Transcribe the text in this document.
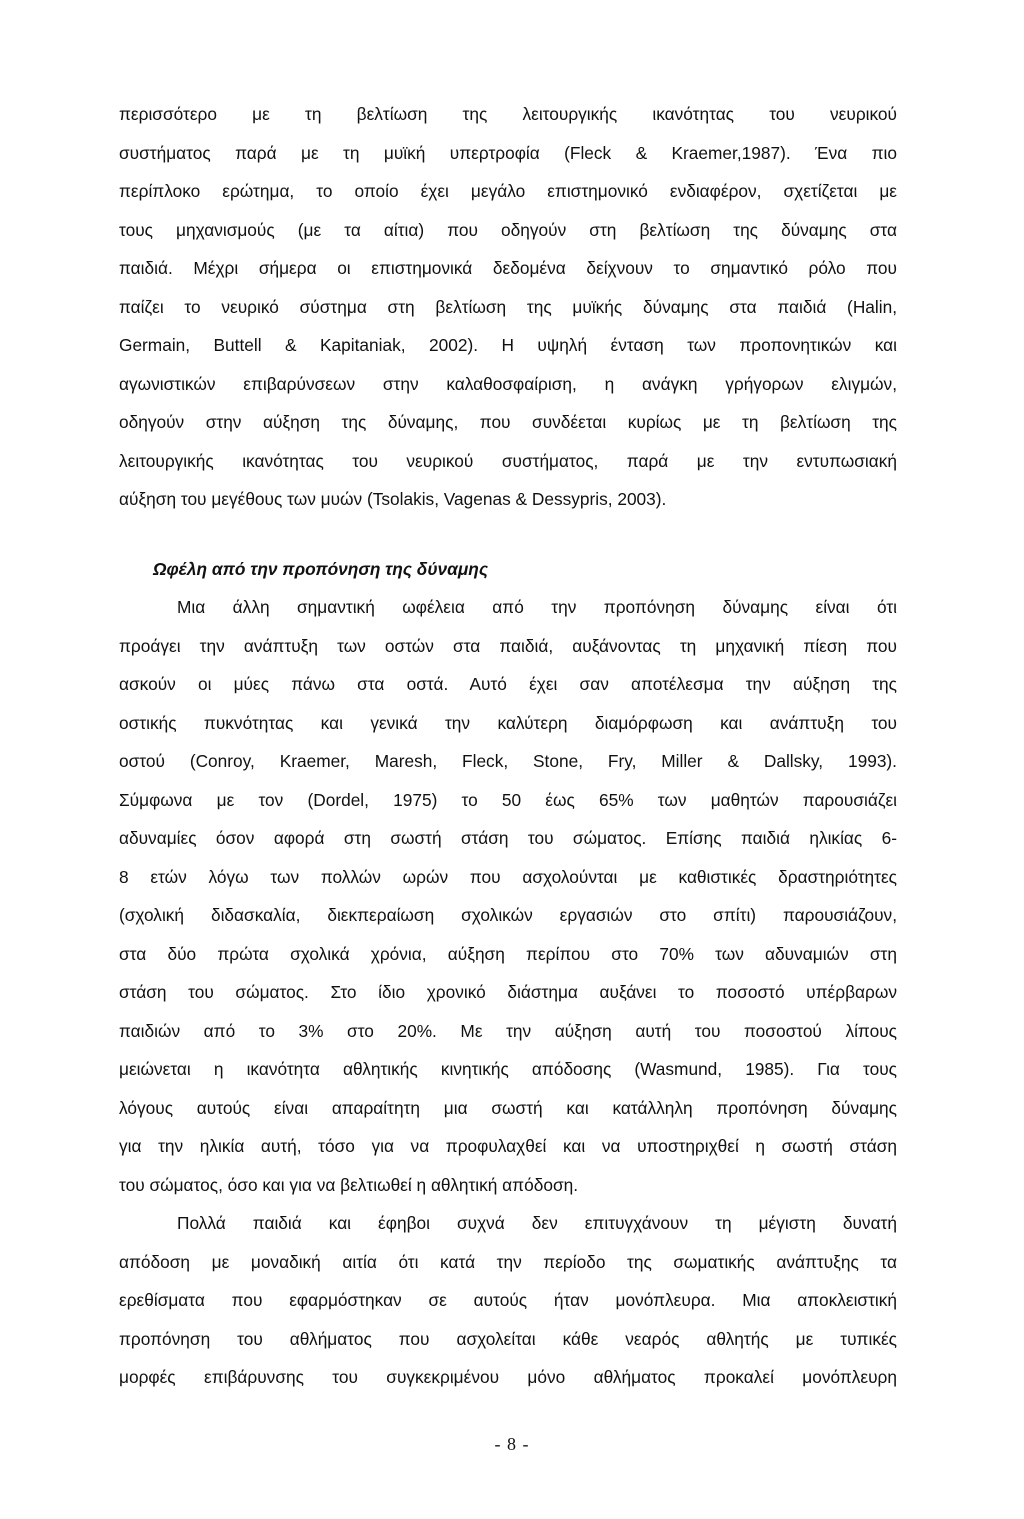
περισσότερο με τη βελτίωση της λειτουργικής ικανότητας του νευρικού
συστήματος παρά με τη μυϊκή υπερτροφία (Fleck & Kraemer,1987). Ένα πιο
περίπλοκο ερώτημα, το οποίο έχει μεγάλο επιστημονικό ενδιαφέρον, σχετίζεται με
τους μηχανισμούς (με τα αίτια) που οδηγούν στη βελτίωση της δύναμης στα
παιδιά. Μέχρι σήμερα οι επιστημονικά δεδομένα δείχνουν το σημαντικό ρόλο που
παίζει το νευρικό σύστημα στη βελτίωση της μυϊκής δύναμης στα παιδιά (Halin,
Germain, Buttell & Kapitaniak, 2002). Η υψηλή ένταση των προπονητικών και
αγωνιστικών επιβαρύνσεων στην καλαθοσφαίριση, η ανάγκη γρήγορων ελιγμών,
οδηγούν στην αύξηση της δύναμης, που συνδέεται κυρίως με τη βελτίωση της
λειτουργικής ικανότητας του νευρικού συστήματος, παρά με την εντυπωσιακή
αύξηση του μεγέθους των μυών (Tsolakis, Vagenas & Dessypris, 2003).
Ωφέλη από την προπόνηση της δύναμης
Μια άλλη σημαντική ωφέλεια από την προπόνηση δύναμης είναι ότι
προάγει την ανάπτυξη των οστών στα παιδιά, αυξάνοντας τη μηχανική πίεση που
ασκούν οι μύες πάνω στα οστά. Αυτό έχει σαν αποτέλεσμα την αύξηση της
οστικής πυκνότητας και γενικά την καλύτερη διαμόρφωση και ανάπτυξη του
οστού (Conroy, Kraemer, Maresh, Fleck, Stone, Fry, Miller & Dallsky, 1993).
Σύμφωνα με τον (Dordel, 1975) το 50 έως 65% των μαθητών παρουσιάζει
αδυναμίες όσον αφορά στη σωστή στάση του σώματος. Επίσης παιδιά ηλικίας 6-
8 ετών λόγω των πολλών ωρών που ασχολούνται με καθιστικές δραστηριότητες
(σχολική διδασκαλία, διεκπεραίωση σχολικών εργασιών στο σπίτι) παρουσιάζουν,
στα δύο πρώτα σχολικά χρόνια, αύξηση περίπου στο 70% των αδυναμιών στη
στάση του σώματος. Στο ίδιο χρονικό διάστημα αυξάνει το ποσοστό υπέρβαρων
παιδιών από το 3% στο 20%. Με την αύξηση αυτή του ποσοστού λίπους
μειώνεται η ικανότητα αθλητικής κινητικής απόδοσης (Wasmund, 1985). Για τους
λόγους αυτούς είναι απαραίτητη μια σωστή και κατάλληλη προπόνηση δύναμης
για την ηλικία αυτή, τόσο για να προφυλαχθεί και να υποστηριχθεί η σωστή στάση
του σώματος, όσο και για να βελτιωθεί η αθλητική απόδοση.
Πολλά παιδιά και έφηβοι συχνά δεν επιτυγχάνουν τη μέγιστη δυνατή
απόδοση με μοναδική αιτία ότι κατά την περίοδο της σωματικής ανάπτυξης τα
ερεθίσματα που εφαρμόστηκαν σε αυτούς ήταν μονόπλευρα. Μια αποκλειστική
προπόνηση του αθλήματος που ασχολείται κάθε νεαρός αθλητής με τυπικές
μορφές επιβάρυνσης του συγκεκριμένου μόνο αθλήματος προκαλεί μονόπλευρη
- 8 -
